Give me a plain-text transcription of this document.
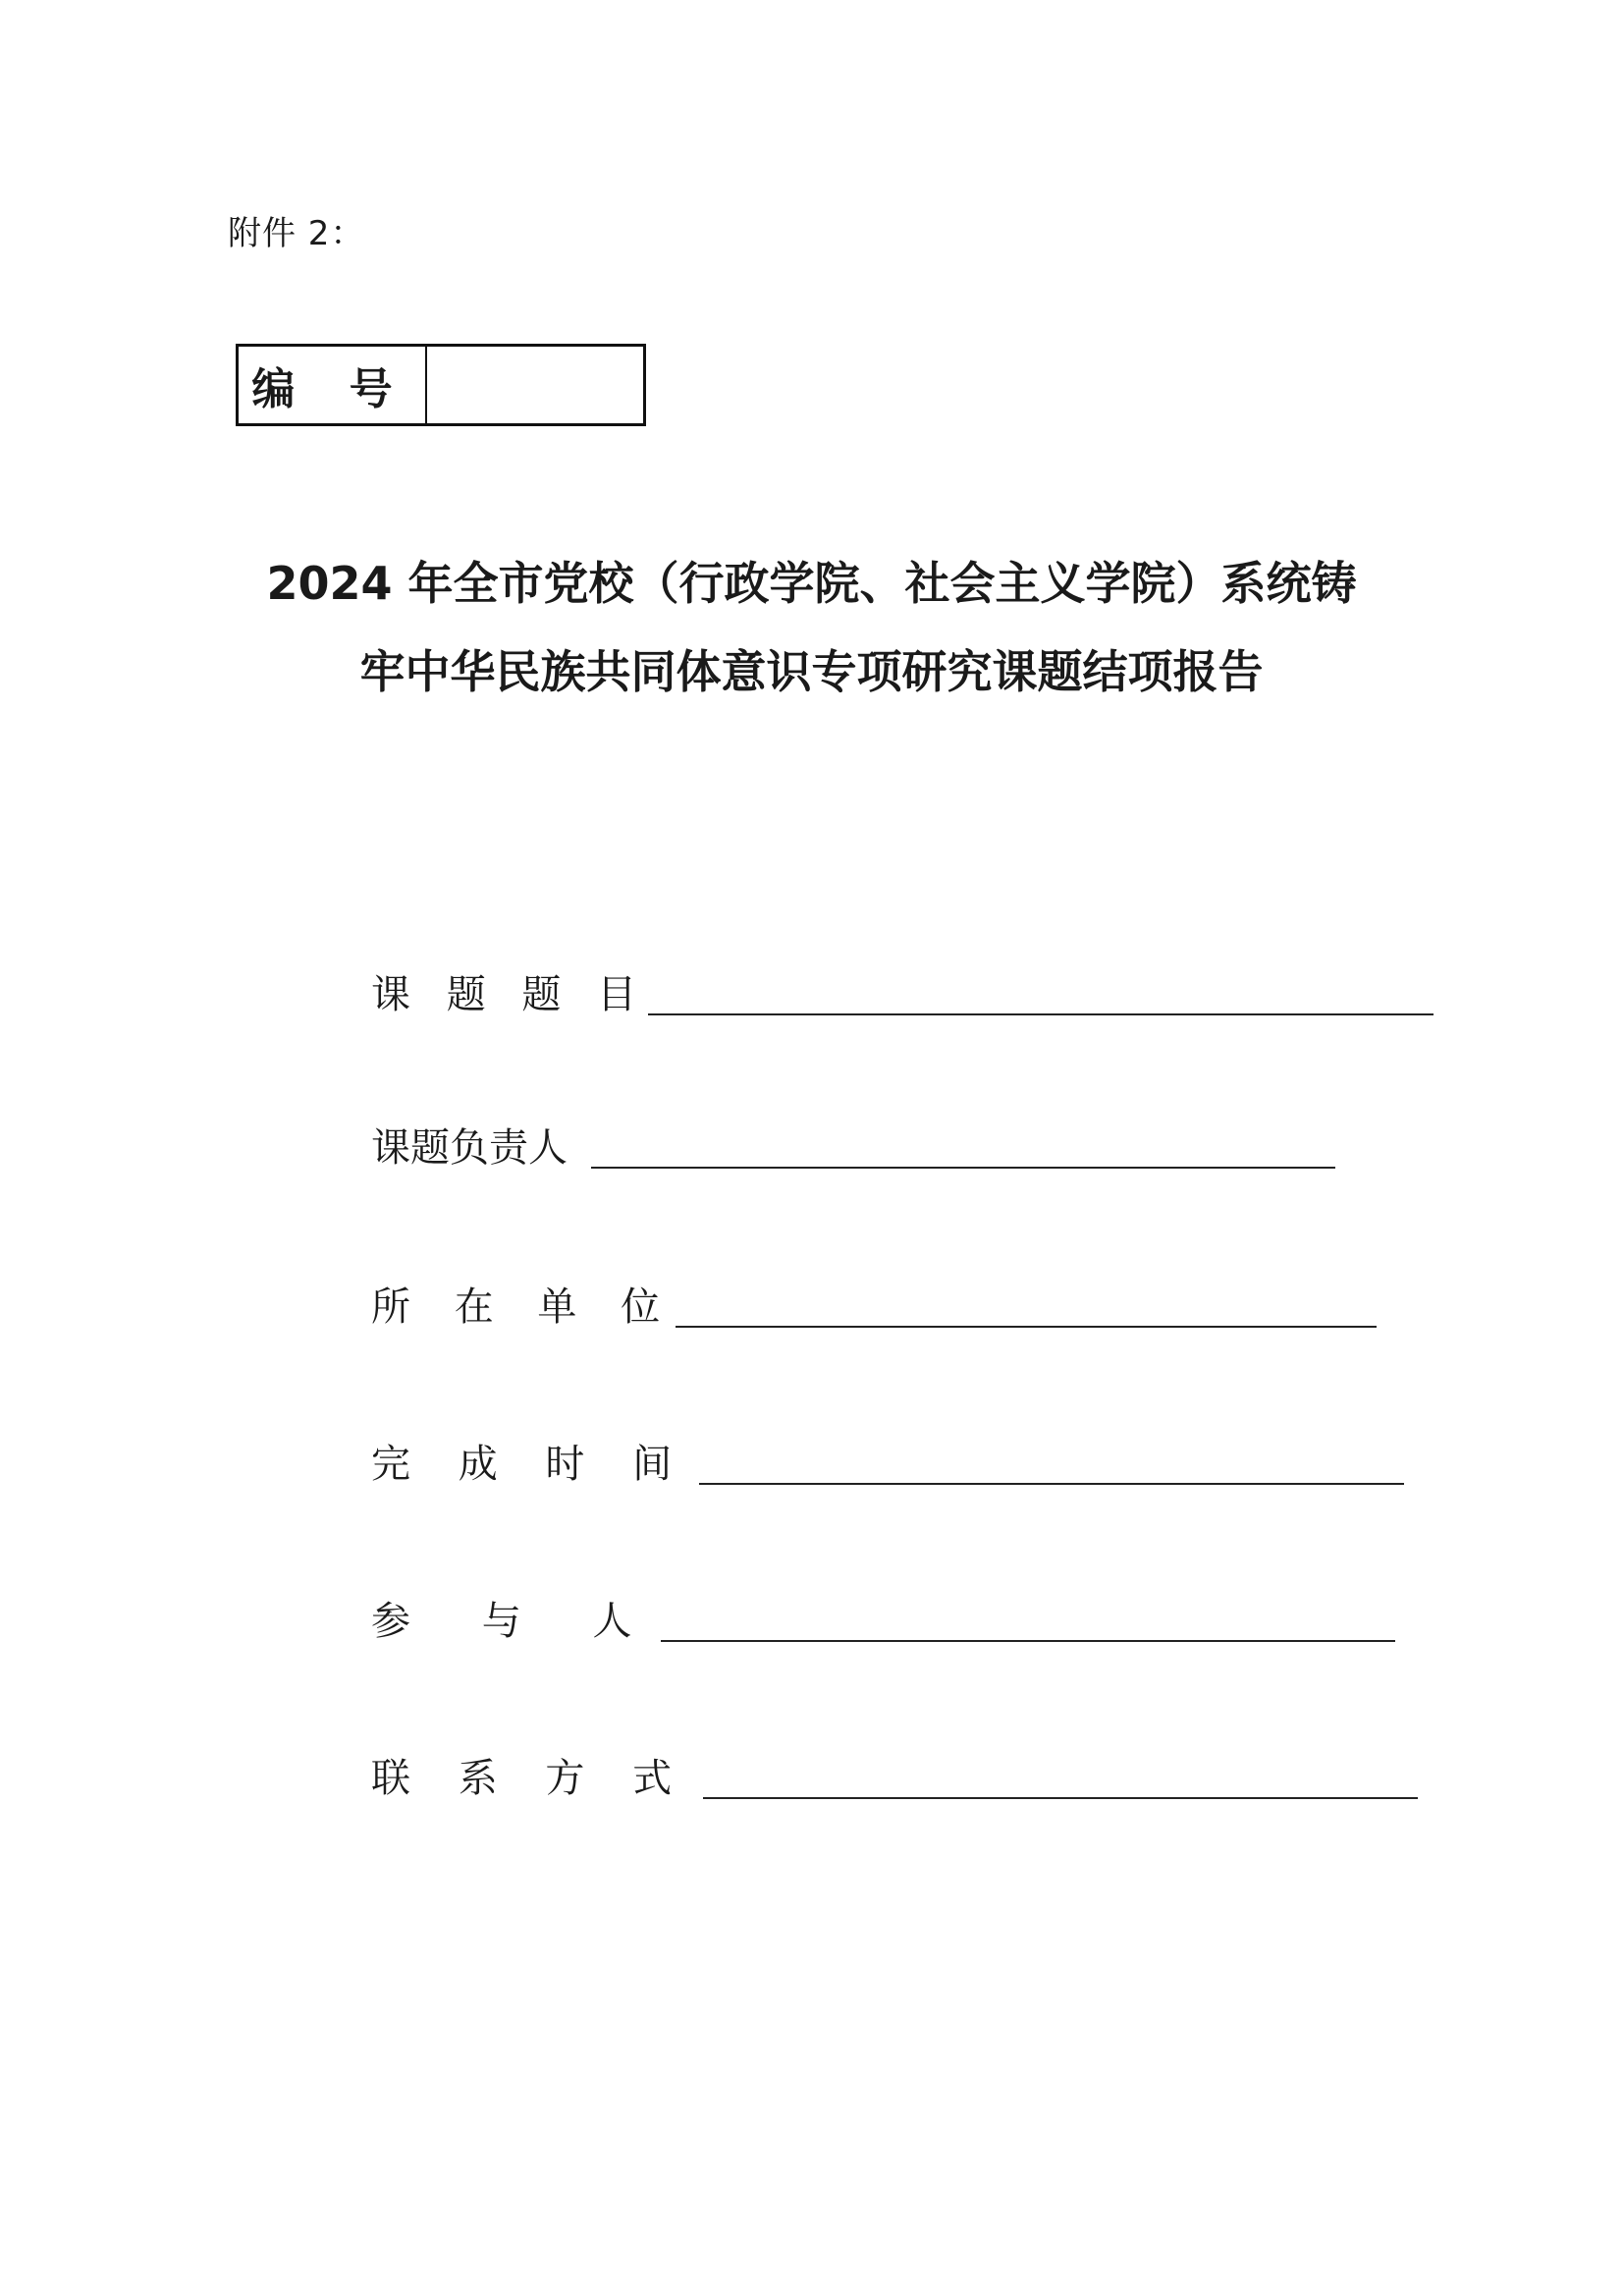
附件 2：
编 号
2024 年全市党校（行政学院、社会主义学院）系统铸
牢中华民族共同体意识专项研究课题结项报告
课 题 题 目
课题负责人
所 在 单 位
完 成 时 间
参 与 人
联 系 方 式
